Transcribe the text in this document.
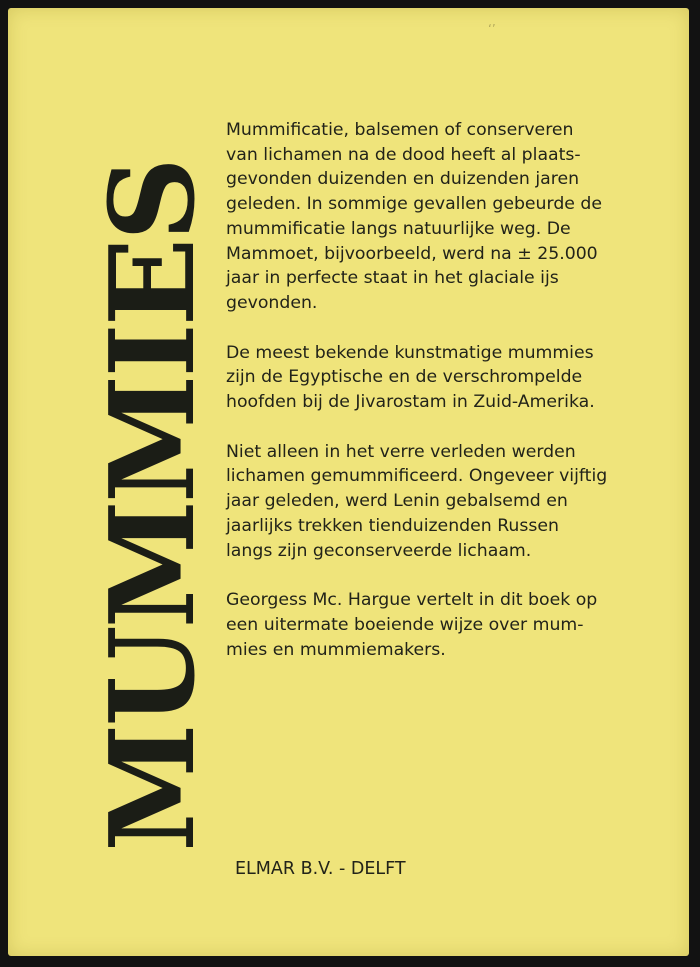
‘’
MUMMIES
Mummificatie, balsemen of conserveren
van lichamen na de dood heeft al plaats-
gevonden duizenden en duizenden jaren
geleden. In sommige gevallen gebeurde de
mummificatie langs natuurlijke weg. De
Mammoet, bijvoorbeeld, werd na ± 25.000
jaar in perfecte staat in het glaciale ijs
gevonden.
De meest bekende kunstmatige mummies
zijn de Egyptische en de verschrompelde
hoofden bij de Jivarostam in Zuid-Amerika.
Niet alleen in het verre verleden werden
lichamen gemummificeerd. Ongeveer vijftig
jaar geleden, werd Lenin gebalsemd en
jaarlijks trekken tienduizenden Russen
langs zijn geconserveerde lichaam.
Georgess Mc. Hargue vertelt in dit boek op
een uitermate boeiende wijze over mum-
mies en mummiemakers.
ELMAR B.V. - DELFT
